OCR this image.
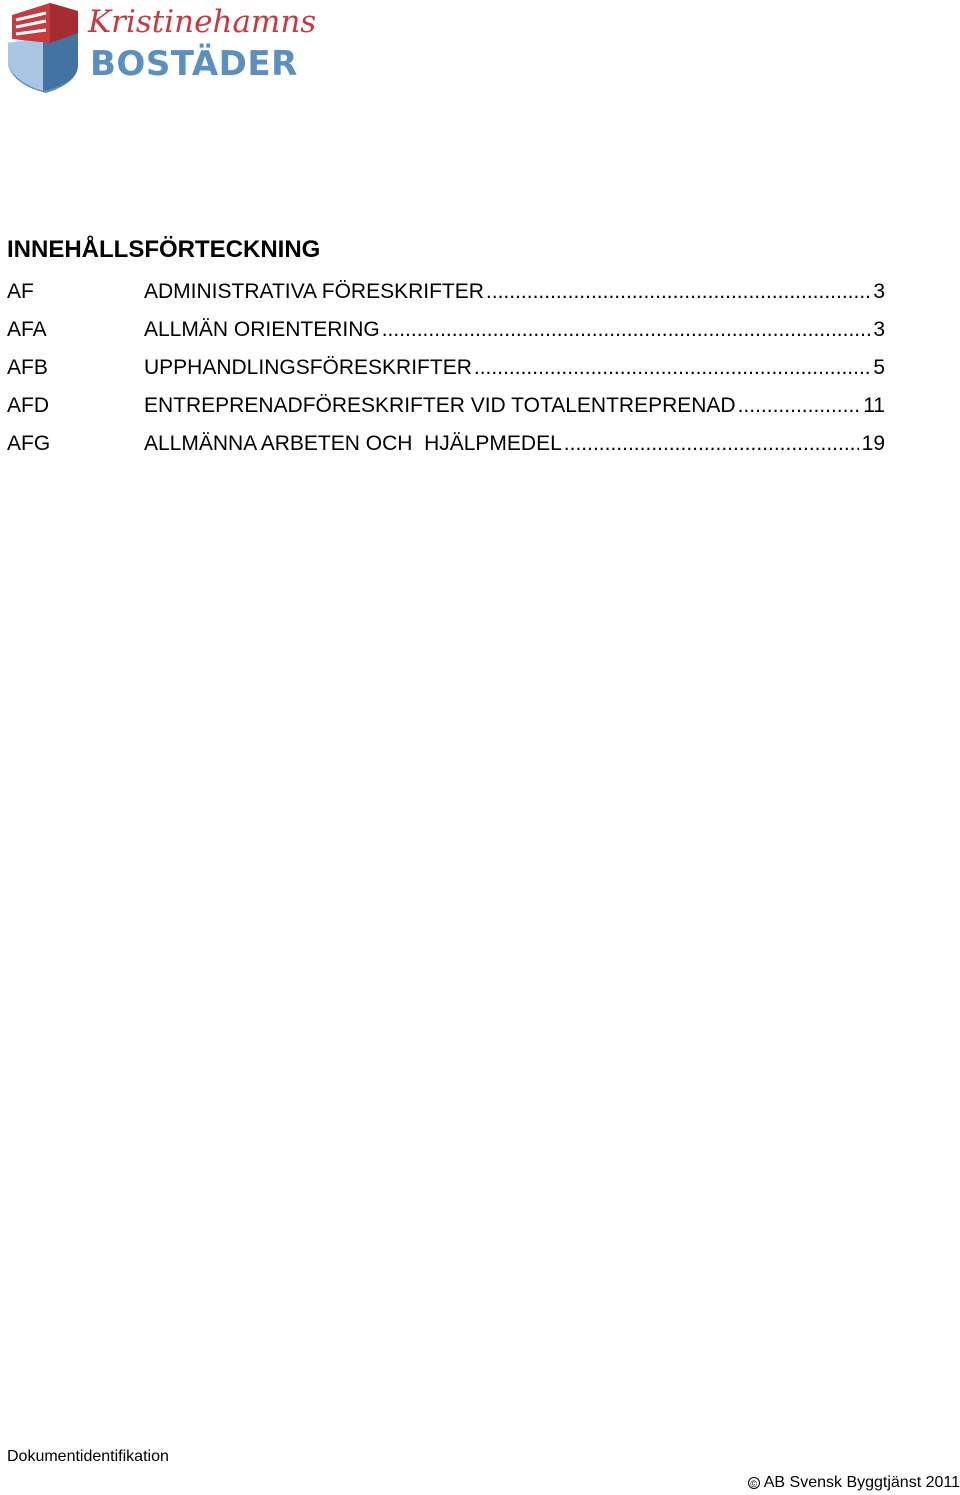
Kristinehamns
BOSTÄDER
INNEHÅLLSFÖRTECKNING
AF	ADMINISTRATIVA FÖRESKRIFTER .....	3
AFA	ALLMÄN ORIENTERING .....	3
AFB	UPPHANDLINGSFÖRESKRIFTER .....	5
AFD	ENTREPRENADFÖRESKRIFTER VID TOTALENTREPRENAD .....	11
AFG	ALLMÄNNA ARBETEN OCH  HJÄLPMEDEL .....	19
Dokumentidentifikation
© AB Svensk Byggtjänst 2011
